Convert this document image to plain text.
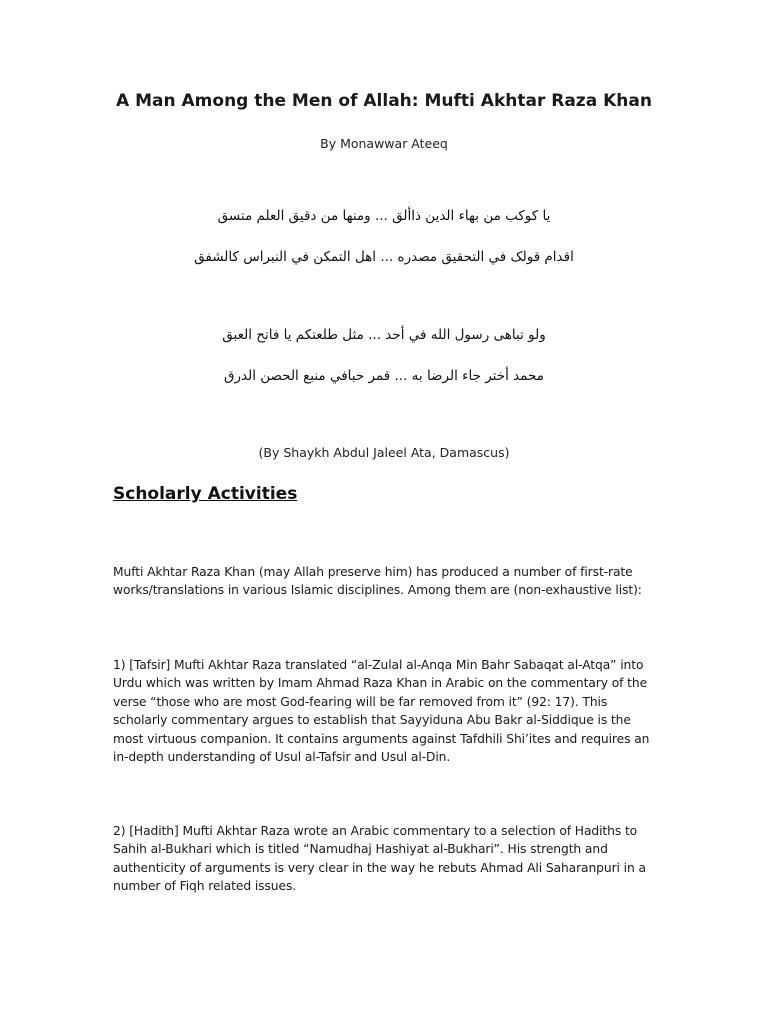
A Man Among the Men of Allah: Mufti Akhtar Raza Khan
By Monawwar Ateeq
يا كوكب من بهاء الدين ذاألق ... ومنها من دقيق العلم متسق
اقدام قولک في التحقيق مصدره ... اهل التمكن في النبراس كالشفق
ولو تباهى رسول الله في أحد ... مثل طلعتكم يا فاتح العبق
محمد أختر جاء الرضا به ... قمر حبافي منبع الحصن الدرق
(By Shaykh Abdul Jaleel Ata, Damascus)
Scholarly Activities
Mufti Akhtar Raza Khan (may Allah preserve him) has produced a number of first-rate works/translations in various Islamic disciplines. Among them are (non-exhaustive list):
1) [Tafsir] Mufti Akhtar Raza translated “al-Zulal al-Anqa Min Bahr Sabaqat al-Atqa” into Urdu which was written by Imam Ahmad Raza Khan in Arabic on the commentary of the verse “those who are most God-fearing will be far removed from it” (92: 17). This scholarly commentary argues to establish that Sayyiduna Abu Bakr al-Siddique is the most virtuous companion. It contains arguments against Tafdhili Shi’ites and requires an in-depth understanding of Usul al-Tafsir and Usul al-Din.
2) [Hadith] Mufti Akhtar Raza wrote an Arabic commentary to a selection of Hadiths to Sahih al-Bukhari which is titled “Namudhaj Hashiyat al-Bukhari”. His strength and authenticity of arguments is very clear in the way he rebuts Ahmad Ali Saharanpuri in a number of Fiqh related issues.
